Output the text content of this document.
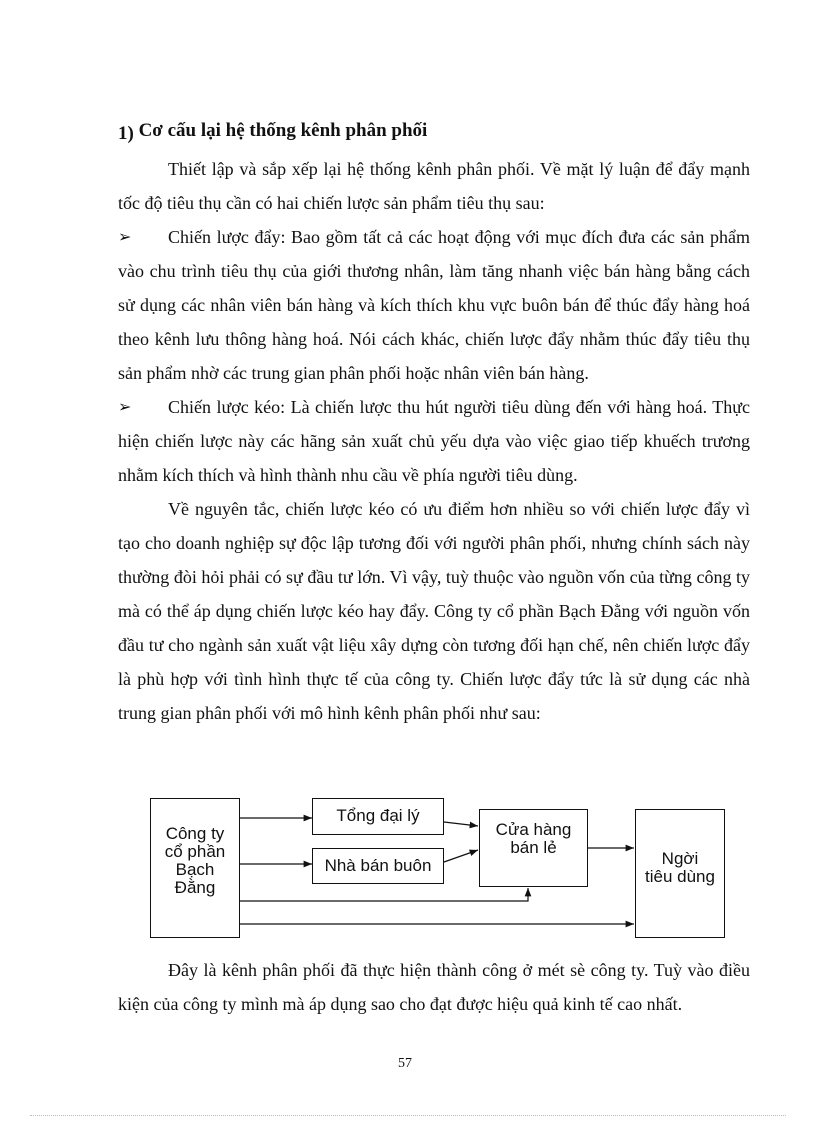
1) Cơ cấu lại hệ thống kênh phân phối

Thiết lập và sắp xếp lại hệ thống kênh phân phối. Về mặt lý luận để đẩy mạnh tốc độ tiêu thụ cần có hai chiến lược sản phẩm tiêu thụ sau:

➢ Chiến lược đẩy: Bao gồm tất cả các hoạt động với mục đích đưa các sản phẩm vào chu trình tiêu thụ của giới thương nhân, làm tăng nhanh việc bán hàng bằng cách sử dụng các nhân viên bán hàng và kích thích khu vực buôn bán để thúc đẩy hàng hoá theo kênh lưu thông hàng hoá. Nói cách khác, chiến lược đẩy nhằm thúc đẩy tiêu thụ sản phẩm nhờ các trung gian phân phối hoặc nhân viên bán hàng.

➢ Chiến lược kéo: Là chiến lược thu hút người tiêu dùng đến với hàng hoá. Thực hiện chiến lược này các hãng sản xuất chủ yếu dựa vào việc giao tiếp khuếch trương nhằm kích thích và hình thành nhu cầu về phía người tiêu dùng.

Về nguyên tắc, chiến lược kéo có ưu điểm hơn nhiều so với chiến lược đẩy vì tạo cho doanh nghiệp sự độc lập tương đối với người phân phối, nhưng chính sách này thường đòi hỏi phải có sự đầu tư lớn. Vì vậy, tuỳ thuộc vào nguồn vốn của từng công ty mà có thể áp dụng chiến lược kéo hay đẩy. Công ty cổ phần Bạch Đằng với nguồn vốn đầu tư cho ngành sản xuất vật liệu xây dựng còn tương đối hạn chế, nên chiến lược đẩy là phù hợp với tình hình thực tế của công ty. Chiến lược đẩy tức là sử dụng các nhà trung gian phân phối với mô hình kênh phân phối như sau:

Công ty
cổ phần
Bạch
Đằng
Tổng đại lý
Nhà bán buôn
Cửa hàng
bán lẻ
Ngời
tiêu dùng

Đây là kênh phân phối đã thực hiện thành công ở mét sè công ty. Tuỳ vào điều kiện của công ty mình mà áp dụng sao cho đạt được hiệu quả kinh tế cao nhất.

57
